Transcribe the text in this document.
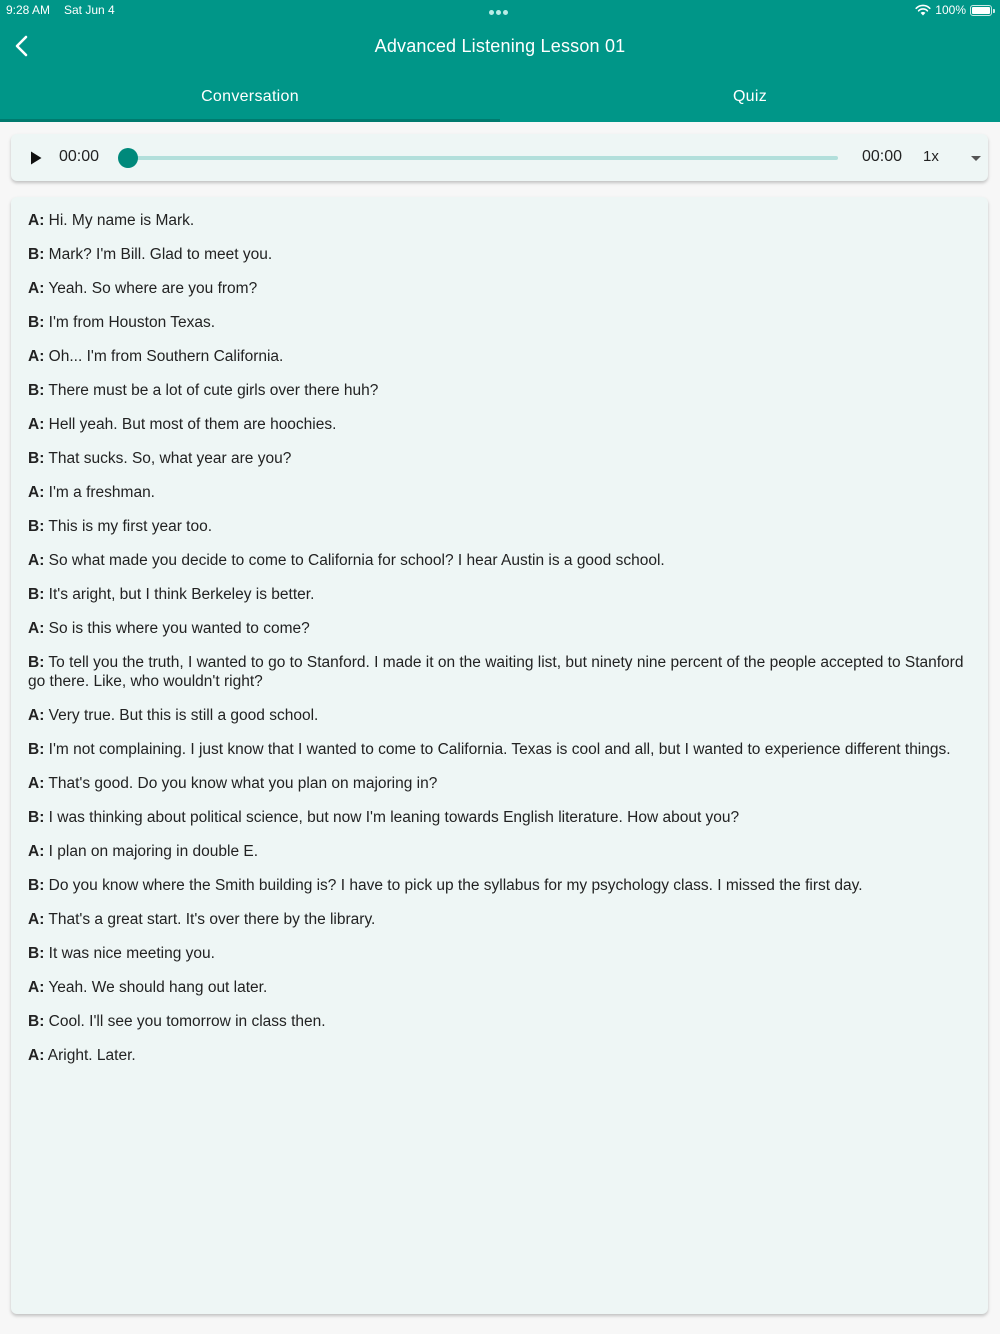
9:28 AM Sat Jun 4	100%
Advanced Listening Lesson 01
Conversation	Quiz
00:00	00:00 1x
A: Hi. My name is Mark.
B: Mark? I'm Bill. Glad to meet you.
A: Yeah. So where are you from?
B: I'm from Houston Texas.
A: Oh... I'm from Southern California.
B: There must be a lot of cute girls over there huh?
A: Hell yeah. But most of them are hoochies.
B: That sucks. So, what year are you?
A: I'm a freshman.
B: This is my first year too.
A: So what made you decide to come to California for school? I hear Austin is a good school.
B: It's aright, but I think Berkeley is better.
A: So is this where you wanted to come?
B: To tell you the truth, I wanted to go to Stanford. I made it on the waiting list, but ninety nine percent of the people accepted to Stanford go there. Like, who wouldn't right?
A: Very true. But this is still a good school.
B: I'm not complaining. I just know that I wanted to come to California. Texas is cool and all, but I wanted to experience different things.
A: That's good. Do you know what you plan on majoring in?
B: I was thinking about political science, but now I'm leaning towards English literature. How about you?
A: I plan on majoring in double E.
B: Do you know where the Smith building is? I have to pick up the syllabus for my psychology class. I missed the first day.
A: That's a great start. It's over there by the library.
B: It was nice meeting you.
A: Yeah. We should hang out later.
B: Cool. I'll see you tomorrow in class then.
A: Aright. Later.
